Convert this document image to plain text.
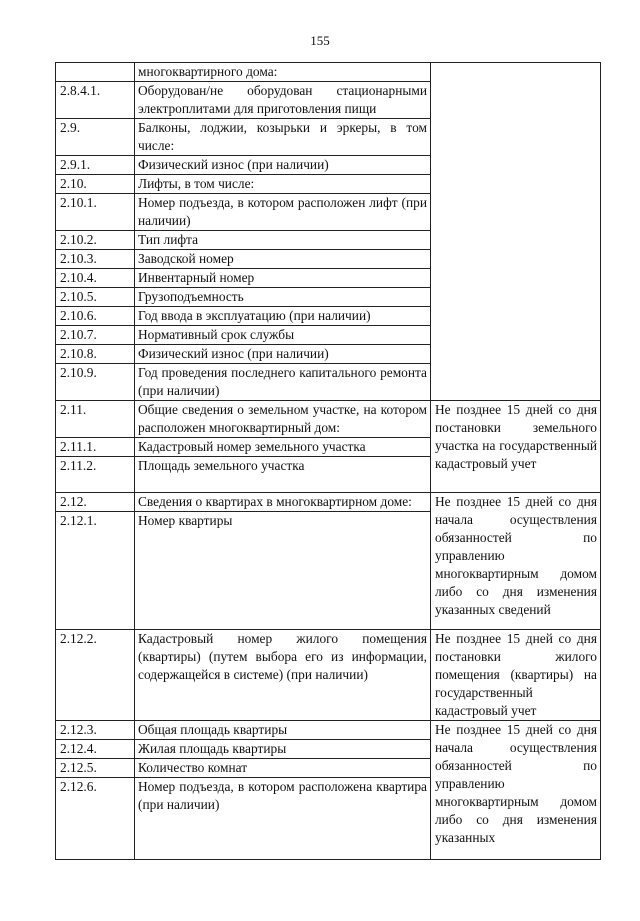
155
	многоквартирного дома:	
2.8.4.1.	Оборудован/не оборудован стационарными электроплитами для приготовления пищи	
2.9.	Балконы, лоджии, козырьки и эркеры, в том числе:	
2.9.1.	Физический износ (при наличии)	
2.10.	Лифты, в том числе:	
2.10.1.	Номер подъезда, в котором расположен лифт (при наличии)	
2.10.2.	Тип лифта	
2.10.3.	Заводской номер	
2.10.4.	Инвентарный номер	
2.10.5.	Грузоподъемность	
2.10.6.	Год ввода в эксплуатацию (при наличии)	
2.10.7.	Нормативный срок службы	
2.10.8.	Физический износ (при наличии)	
2.10.9.	Год проведения последнего капитального ремонта (при наличии)	
2.11.	Общие сведения о земельном участке, на котором расположен многоквартирный дом:	Не позднее 15 дней со дня постановки земельного участка на государственный кадастровый учет
2.11.1.	Кадастровый номер земельного участка	
2.11.2.	Площадь земельного участка	
2.12.	Сведения о квартирах в многоквартирном доме:	Не позднее 15 дней со дня начала осуществления обязанностей по управлению многоквартирным домом либо со дня изменения указанных сведений
2.12.1.	Номер квартиры	
2.12.2.	Кадастровый номер жилого помещения (квартиры) (путем выбора его из информации, содержащейся в системе) (при наличии)	Не позднее 15 дней со дня постановки жилого помещения (квартиры) на государственный кадастровый учет
2.12.3.	Общая площадь квартиры	Не позднее 15 дней со дня начала осуществления обязанностей по управлению многоквартирным домом либо со дня изменения указанных
2.12.4.	Жилая площадь квартиры	
2.12.5.	Количество комнат	
2.12.6.	Номер подъезда, в котором расположена квартира (при наличии)	
